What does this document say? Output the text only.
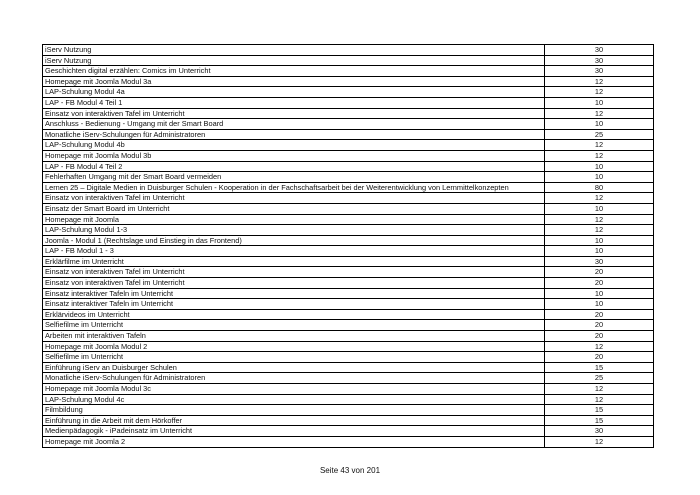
iServ Nutzung	30
iServ Nutzung	30
Geschichten digital erzählen: Comics im Unterricht	30
Homepage mit Joomla Modul 3a	12
LAP-Schulung Modul 4a	12
LAP - FB Modul 4 Teil 1	10
Einsatz von interaktiven Tafel im Unterricht	12
Anschluss - Bedienung - Umgang mit der Smart Board	10
Monatliche iServ-Schulungen für Administratoren	25
LAP-Schulung Modul 4b	12
Homepage mit Joomla Modul 3b	12
LAP - FB Modul 4 Teil 2	10
Fehlerhaften Umgang mit der Smart Board vermeiden	10
Lernen 25 – Digitale Medien in Duisburger Schulen - Kooperation in der Fachschaftsarbeit bei der Weiterentwicklung von Lernmittelkonzepten	80
Einsatz von interaktiven Tafel im Unterricht	12
Einsatz der Smart Board im Unterricht	10
Homepage mit Joomla	12
LAP-Schulung Modul 1-3	12
Joomla - Modul 1 (Rechtslage und Einstieg in das Frontend)	10
LAP - FB Modul 1 - 3	10
Erklärfilme im Unterricht	30
Einsatz von interaktiven Tafel im Unterricht	20
Einsatz von interaktiven Tafel im Unterricht	20
Einsatz interaktiver Tafeln im Unterricht	10
Einsatz interaktiver Tafeln im Unterricht	10
Erklärvideos im Unterricht	20
Selfiefilme im Unterricht	20
Arbeiten mit interaktiven Tafeln	20
Homepage mit Joomla Modul 2	12
Selfiefilme im Unterricht	20
Einführung iServ an Duisburger Schulen	15
Monatliche iServ-Schulungen für Administratoren	25
Homepage mit Joomla Modul 3c	12
LAP-Schulung Modul 4c	12
Filmbildung	15
Einführung in die Arbeit mit dem Hörkoffer	15
Medienpädagogik - iPadeinsatz im Unterricht	30
Homepage mit Joomla 2	12
Seite 43 von 201
